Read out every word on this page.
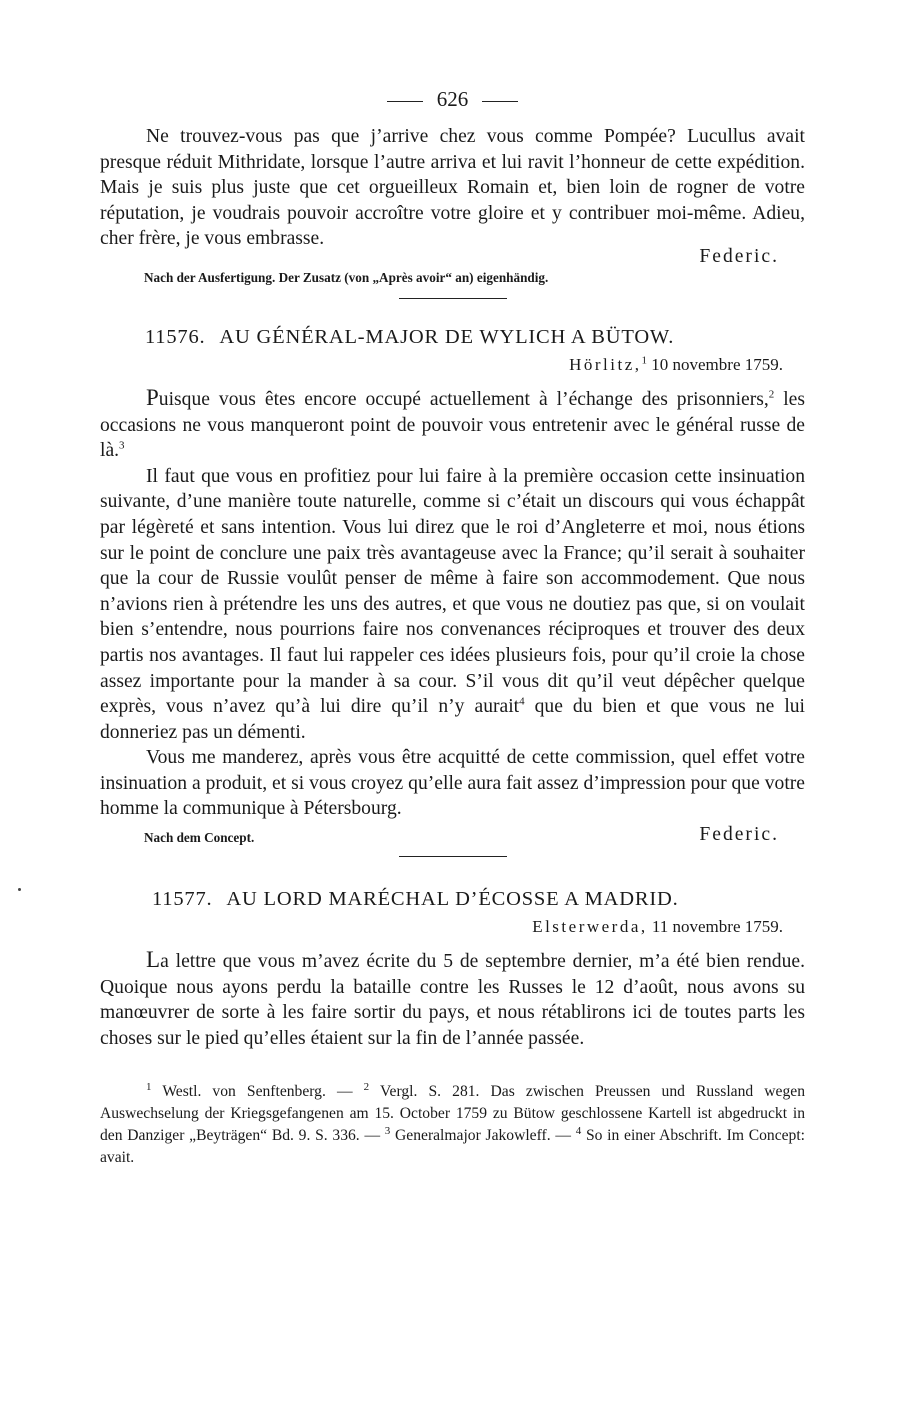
626

Ne trouvez-vous pas que j’arrive chez vous comme Pompée? Lucullus avait presque réduit Mithridate, lorsque l’autre arriva et lui ravit l’honneur de cette expédition. Mais je suis plus juste que cet orgueilleux Romain et, bien loin de rogner de votre réputation, je voudrais pouvoir accroître votre gloire et y contribuer moi-même. Adieu, cher frère, je vous embrasse.

Federic.
Nach der Ausfertigung. Der Zusatz (von „Après avoir“ an) eigenhändig.
11576. AU GÉNÉRAL-MAJOR DE WYLICH A BÜTOW.
Hörlitz,$^1$ 10 novembre 1759.

Puisque vous êtes encore occupé actuellement à l’échange des prisonniers,$^2$ les occasions ne vous manqueront point de pouvoir vous entretenir avec le général russe de là.$^3$

Il faut que vous en profitiez pour lui faire à la première occasion cette insinuation suivante, d’une manière toute naturelle, comme si c’était un discours qui vous échappât par légèreté et sans intention. Vous lui direz que le roi d’Angleterre et moi, nous étions sur le point de conclure une paix très avantageuse avec la France; qu’il serait à souhaiter que la cour de Russie voulût penser de même à faire son accommodement. Que nous n’avions rien à prétendre les uns des autres, et que vous ne doutiez pas que, si on voulait bien s’entendre, nous pourrions faire nos convenances réciproques et trouver des deux partis nos avantages. Il faut lui rappeler ces idées plusieurs fois, pour qu’il croie la chose assez importante pour la mander à sa cour. S’il vous dit qu’il veut dépêcher quelque exprès, vous n’avez qu’à lui dire qu’il n’y aurait$^4$ que du bien et que vous ne lui donneriez pas un démenti.

Vous me manderez, après vous être acquitté de cette commission, quel effet votre insinuation a produit, et si vous croyez qu’elle aura fait assez d’impression pour que votre homme la communique à Pétersbourg.

Nach dem Concept.	Federic.
11577. AU LORD MARÉCHAL D’ÉCOSSE A MADRID.
Elsterwerda, 11 novembre 1759.

La lettre que vous m’avez écrite du 5 de septembre dernier, m’a été bien rendue. Quoique nous ayons perdu la bataille contre les Russes le 12 d’août, nous avons su manœuvrer de sorte à les faire sortir du pays, et nous rétablirons ici de toutes parts les choses sur le pied qu’elles étaient sur la fin de l’année passée.

$^1$ Westl. von Senftenberg. — $^2$ Vergl. S. 281. Das zwischen Preussen und Russland wegen Auswechselung der Kriegsgefangenen am 15. October 1759 zu Bütow geschlossene Kartell ist abgedruckt in den Danziger „Beyträgen“ Bd. 9. S. 336. — $^3$ Generalmajor Jakowleff. — $^4$ So in einer Abschrift. Im Concept: avait.
